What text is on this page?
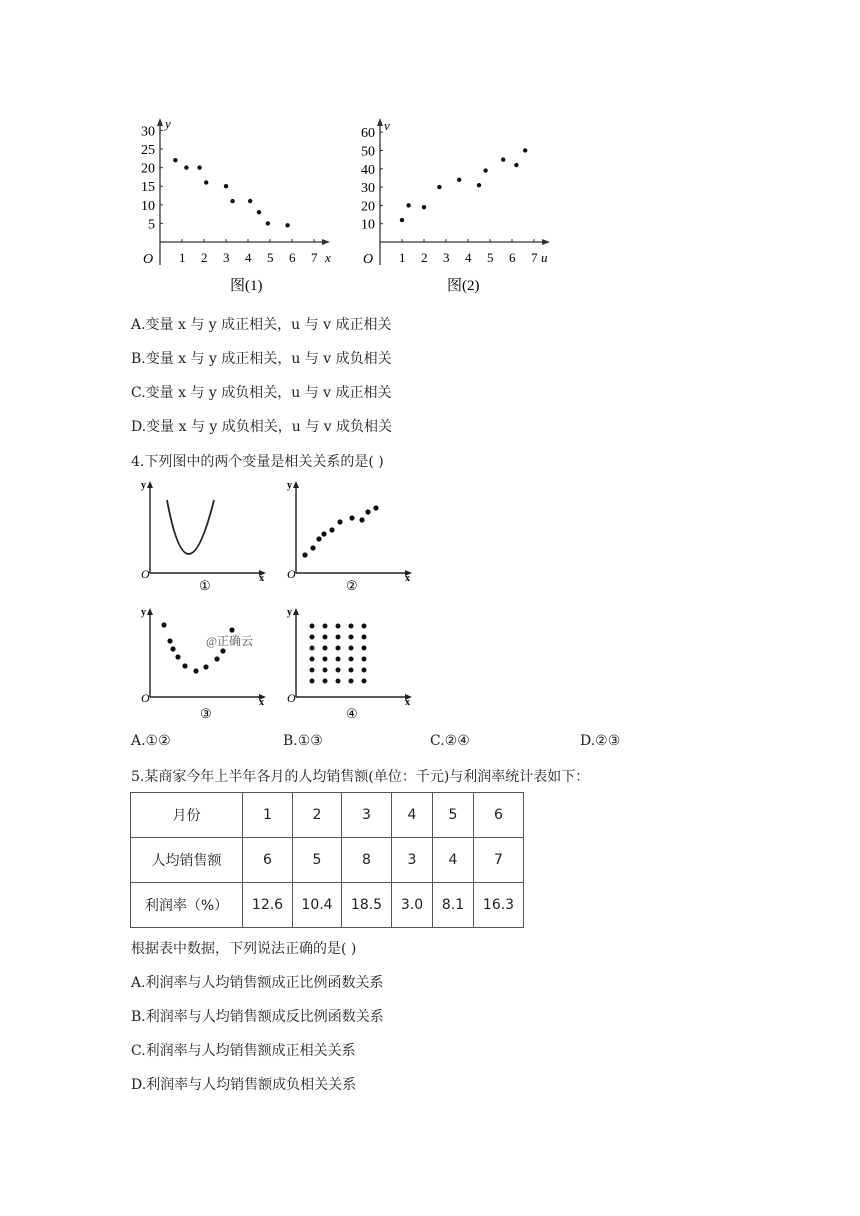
y
x
O 1 2 3 4 5 6 7
5
10
15
20
25
30
图(1)
v
u
O 1 2 3 4 5 6 7
10
20
30
40
50
60
图(2)
A.变量 x 与 y 成正相关，u 与 v 成正相关
B.变量 x 与 y 成正相关，u 与 v 成负相关
C.变量 x 与 y 成负相关，u 与 v 成正相关
D.变量 x 与 y 成负相关，u 与 v 成负相关
4.下列图中的两个变量是相关关系的是( )
y
x
O
①
y
x
O
②
y
x
O
③
@正确云
y
x
O
④
A.①②	B.①③	C.②④	D.②③
5.某商家今年上半年各月的人均销售额(单位：千元)与利润率统计表如下：
月份	1	2	3	4	5	6
人均销售额	6	5	8	3	4	7
利润率（%）	12.6	10.4	18.5	3.0	8.1	16.3
根据表中数据，下列说法正确的是( )
A.利润率与人均销售额成正比例函数关系
B.利润率与人均销售额成反比例函数关系
C.利润率与人均销售额成正相关关系
D.利润率与人均销售额成负相关关系
